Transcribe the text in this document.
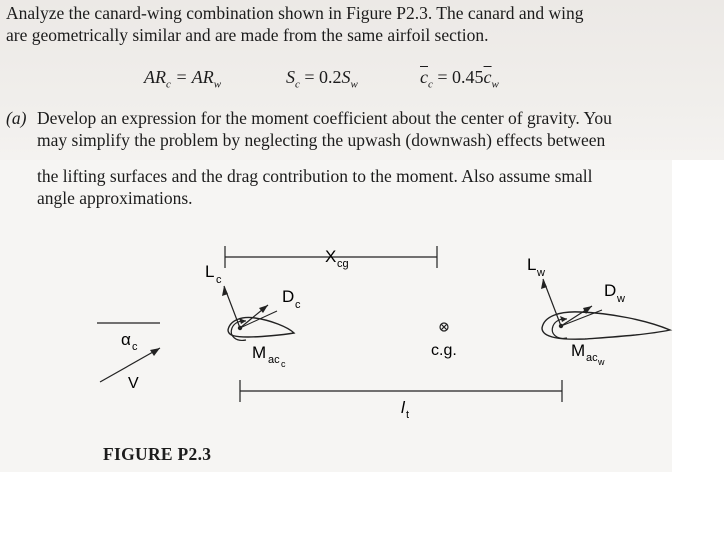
Analyze the canard-wing combination shown in Figure P2.3. The canard and wing
are geometrically similar and are made from the same airfoil section.
$AR_c = AR_w$	$S_c = 0.2S_w$	$\overline{c}_c = 0.45\overline{c}_w$
(a) Develop an expression for the moment coefficient about the center of gravity. You
may simplify the problem by neglecting the upwash (downwash) effects between
the lifting surfaces and the drag contribution to the moment. Also assume small
angle approximations.
X cg
L c
D c
M ac c
α c
V
c.g.
l t
L w
D w
M ac w
FIGURE P2.3
